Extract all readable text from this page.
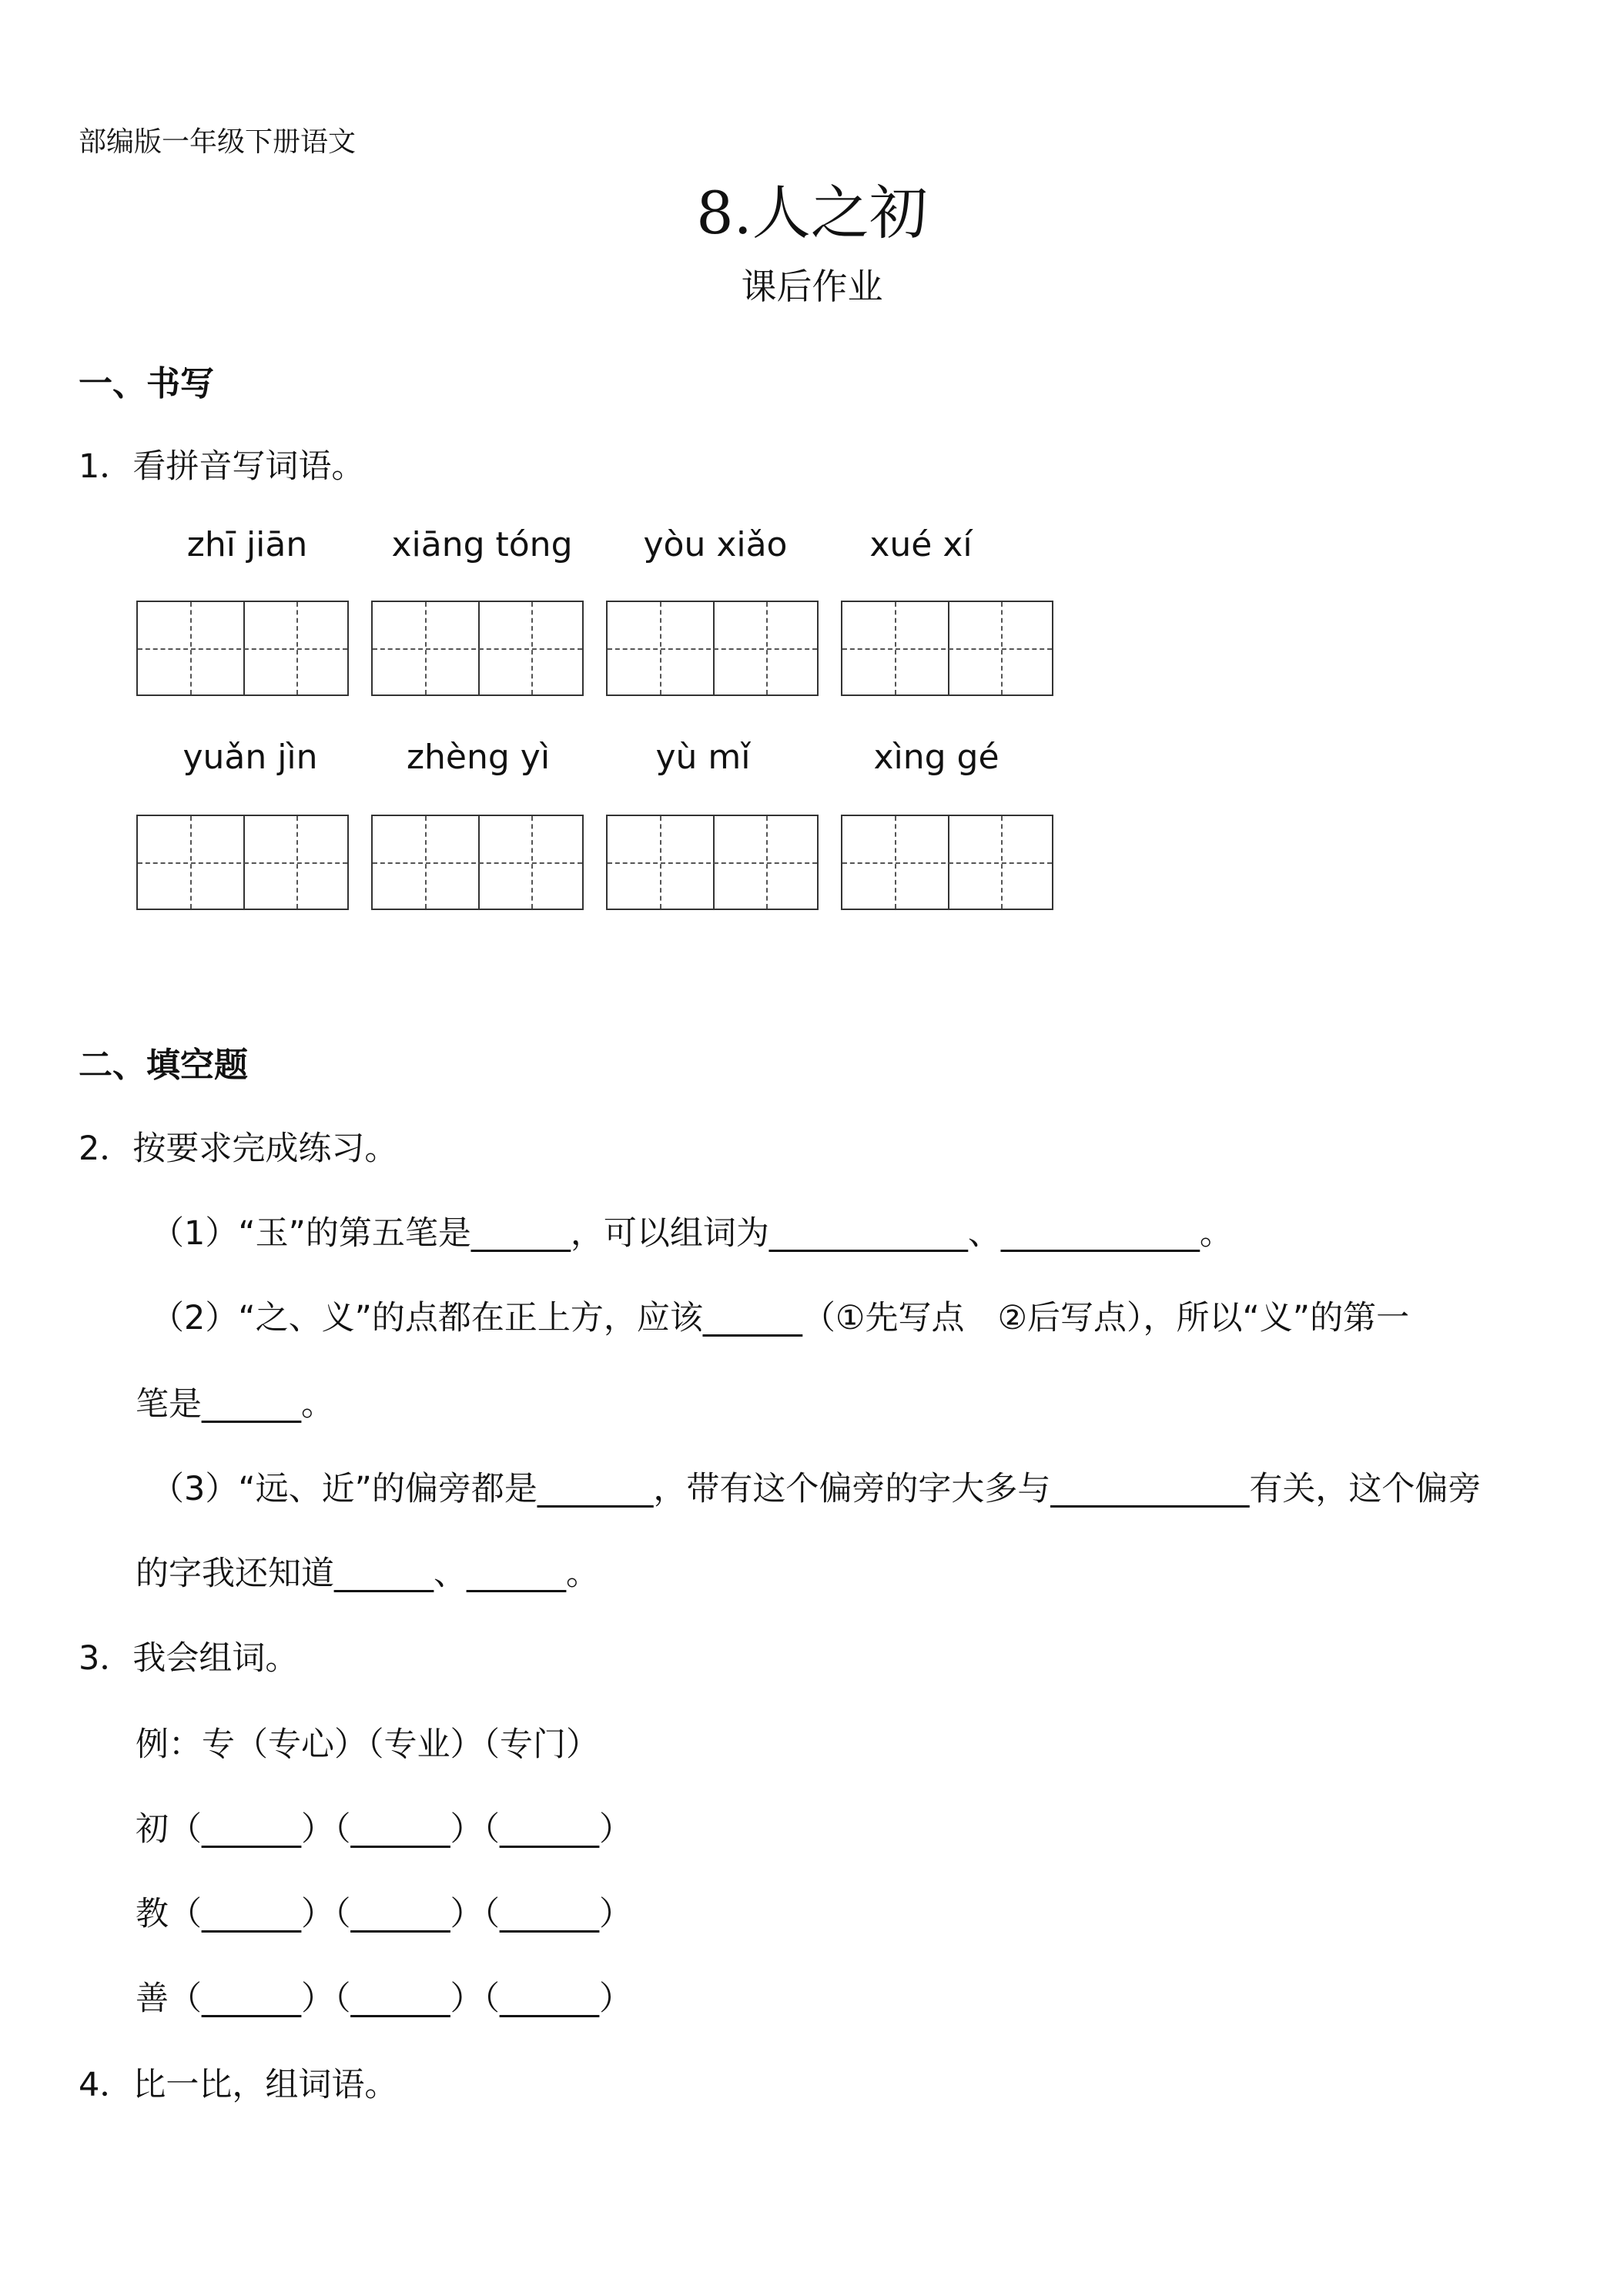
部编版一年级下册语文
8.人之初
课后作业
一、书写
1．看拼音写词语。
zhī jiān	xiāng tóng	yòu xiǎo	xué xí
yuǎn jìn	zhèng yì	yù mǐ	xìng gé
二、填空题
2．按要求完成练习。
（1）“玉”的第五笔是______，可以组词为____________、____________。
（2）“之、义”的点都在正上方，应该______（①先写点　②后写点），所以“义”的第一
笔是______。
（3）“远、近”的偏旁都是_______，带有这个偏旁的字大多与____________有关，这个偏旁
的字我还知道______、______。
3．我会组词。
例：专（专心）（专业）（专门）
初（______）（______）（______）
教（______）（______）（______）
善（______）（______）（______）
4．比一比，组词语。
